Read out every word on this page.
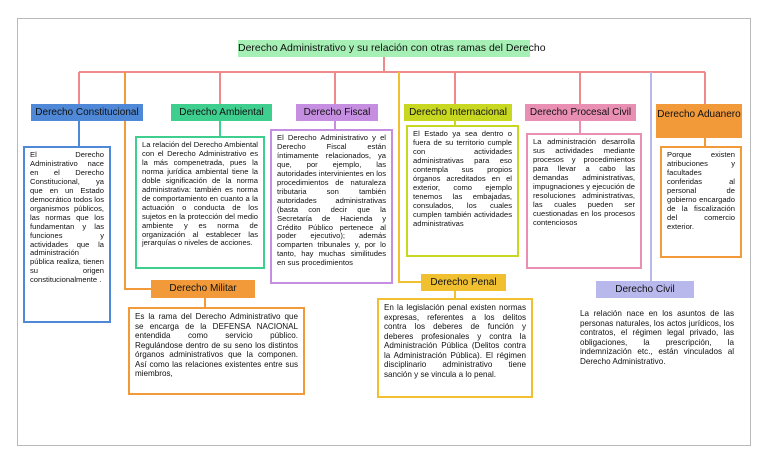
Derecho Administrativo y su relación con otras ramas del Derecho
Derecho Constitucional	Derecho Ambiental	Derecho Fiscal	Derecho Internacional	Derecho Procesal Civil	Derecho Aduanero
El Derecho Administrativo nace en el Derecho Constitucional, ya que en un Estado democrático todos los organismos públicos, las normas que los fundamentan y las funciones y actividades que la administración pública realiza, tienen su origen constitucionalmente .
La relación del Derecho Ambiental con el Derecho Administrativo es la más compenetrada, pues la norma jurídica ambiental tiene la doble significación de la norma administrativa: también es norma de comportamiento en cuanto a la actuación o conducta de los sujetos en la protección del medio ambiente y es norma de organización al establecer las jerarquías o niveles de acciones.
El Derecho Administrativo y el Derecho Fiscal están íntimamente relacionados, ya que, por ejemplo, las autoridades intervinientes en los procedimientos de naturaleza tributaria son también autoridades administrativas (basta con decir que la Secretaría de Hacienda y Crédito Público pertenece al poder ejecutivo); además comparten tribunales y, por lo tanto, hay muchas similitudes en sus procedimientos
El Estado ya sea dentro o fuera de su territorio cumple con actividades administrativas para eso contempla sus propios órganos acreditados en el exterior, como ejemplo tenemos las embajadas, consulados, los cuales cumplen también actividades administrativas
La administración desarrolla sus actividades mediante procesos y procedimientos para llevar a cabo las demandas administrativas, impugnaciones y ejecución de resoluciones administrativas, las cuales pueden ser cuestionadas en los procesos contenciosos
Porque existen atribuciones y facultades conferidas al personal de gobierno encargado de la fiscalización del comercio exterior.
Derecho Militar
Derecho Penal
Derecho Civil
Es la rama del Derecho Administrativo que se encarga de la DEFENSA NACIONAL entendida como servicio público. Regulándose dentro de su seno los distintos órganos administrativos que la componen. Así como las relaciones existentes entre sus miembros,
En la legislación penal existen normas expresas, referentes a los delitos contra los deberes de función y deberes profesionales y contra la Administración Pública (Delitos contra la Administración Pública). El régimen disciplinario administrativo tiene sanción y se vincula a lo penal.
La relación nace en los asuntos de las personas naturales, los actos jurídicos, los contratos, el régimen legal privado, las obligaciones, la prescripción, la indemnización etc., están vinculados al Derecho Administrativo.
